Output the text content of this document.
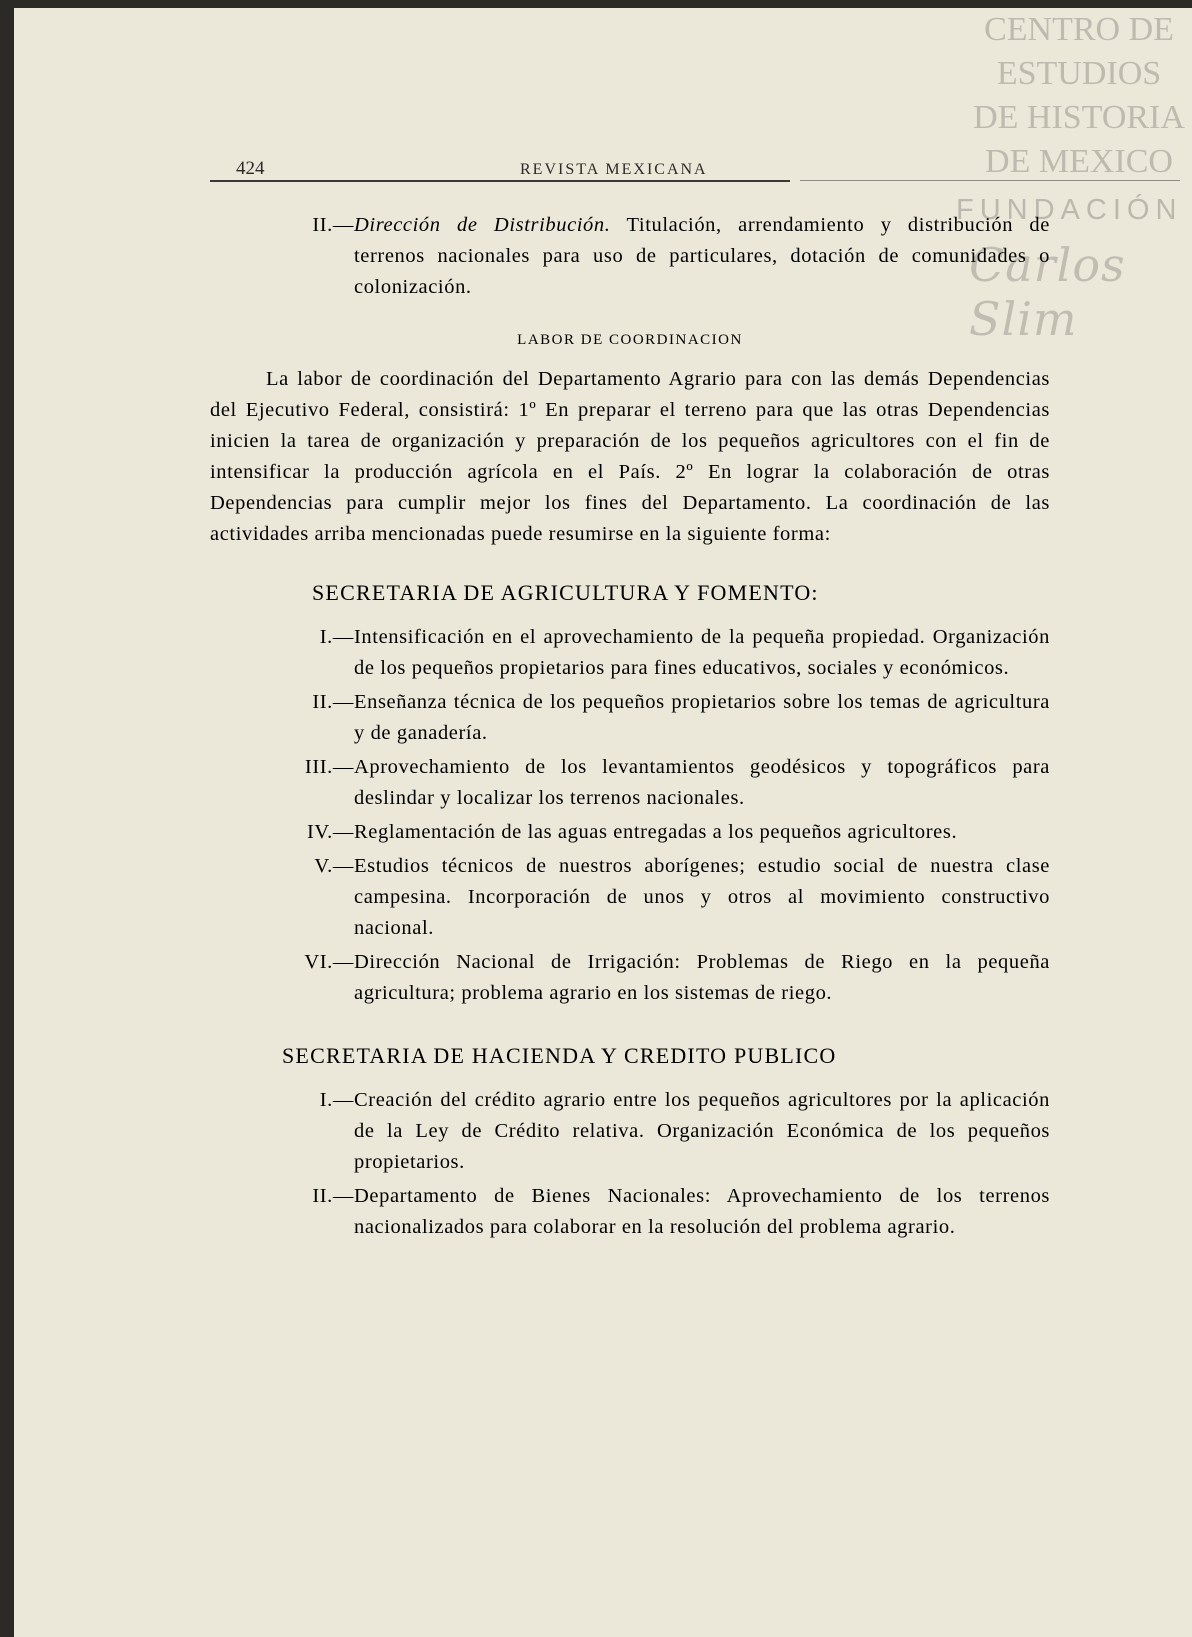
CENTRO DE
ESTUDIOS
DE HISTORIA
DE MEXICO
FUNDACIÓN
Carlos Slim
424	REVISTA MEXICANA

II.—Dirección de Distribución. Titulación, arrendamiento y distribución de terrenos nacionales para uso de particulares, dotación de comunidades o colonización.

LABOR DE COORDINACION

La labor de coordinación del Departamento Agrario para con las demás Dependencias del Ejecutivo Federal, consistirá: 1º En preparar el terreno para que las otras Dependencias inicien la tarea de organización y preparación de los pequeños agricultores con el fin de intensificar la producción agrícola en el País. 2º En lograr la colaboración de otras Dependencias para cumplir mejor los fines del Departamento. La coordinación de las actividades arriba mencionadas puede resumirse en la siguiente forma:

SECRETARIA DE AGRICULTURA Y FOMENTO:

I.—Intensificación en el aprovechamiento de la pequeña propiedad. Organización de los pequeños propietarios para fines educativos, sociales y económicos.

II.—Enseñanza técnica de los pequeños propietarios sobre los temas de agricultura y de ganadería.

III.—Aprovechamiento de los levantamientos geodésicos y topográficos para deslindar y localizar los terrenos nacionales.

IV.—Reglamentación de las aguas entregadas a los pequeños agricultores.

V.—Estudios técnicos de nuestros aborígenes; estudio social de nuestra clase campesina. Incorporación de unos y otros al movimiento constructivo nacional.

VI.—Dirección Nacional de Irrigación: Problemas de Riego en la pequeña agricultura; problema agrario en los sistemas de riego.

SECRETARIA DE HACIENDA Y CREDITO PUBLICO

I.—Creación del crédito agrario entre los pequeños agricultores por la aplicación de la Ley de Crédito relativa. Organización Económica de los pequeños propietarios.

II.—Departamento de Bienes Nacionales: Aprovechamiento de los terrenos nacionalizados para colaborar en la resolución del problema agrario.
